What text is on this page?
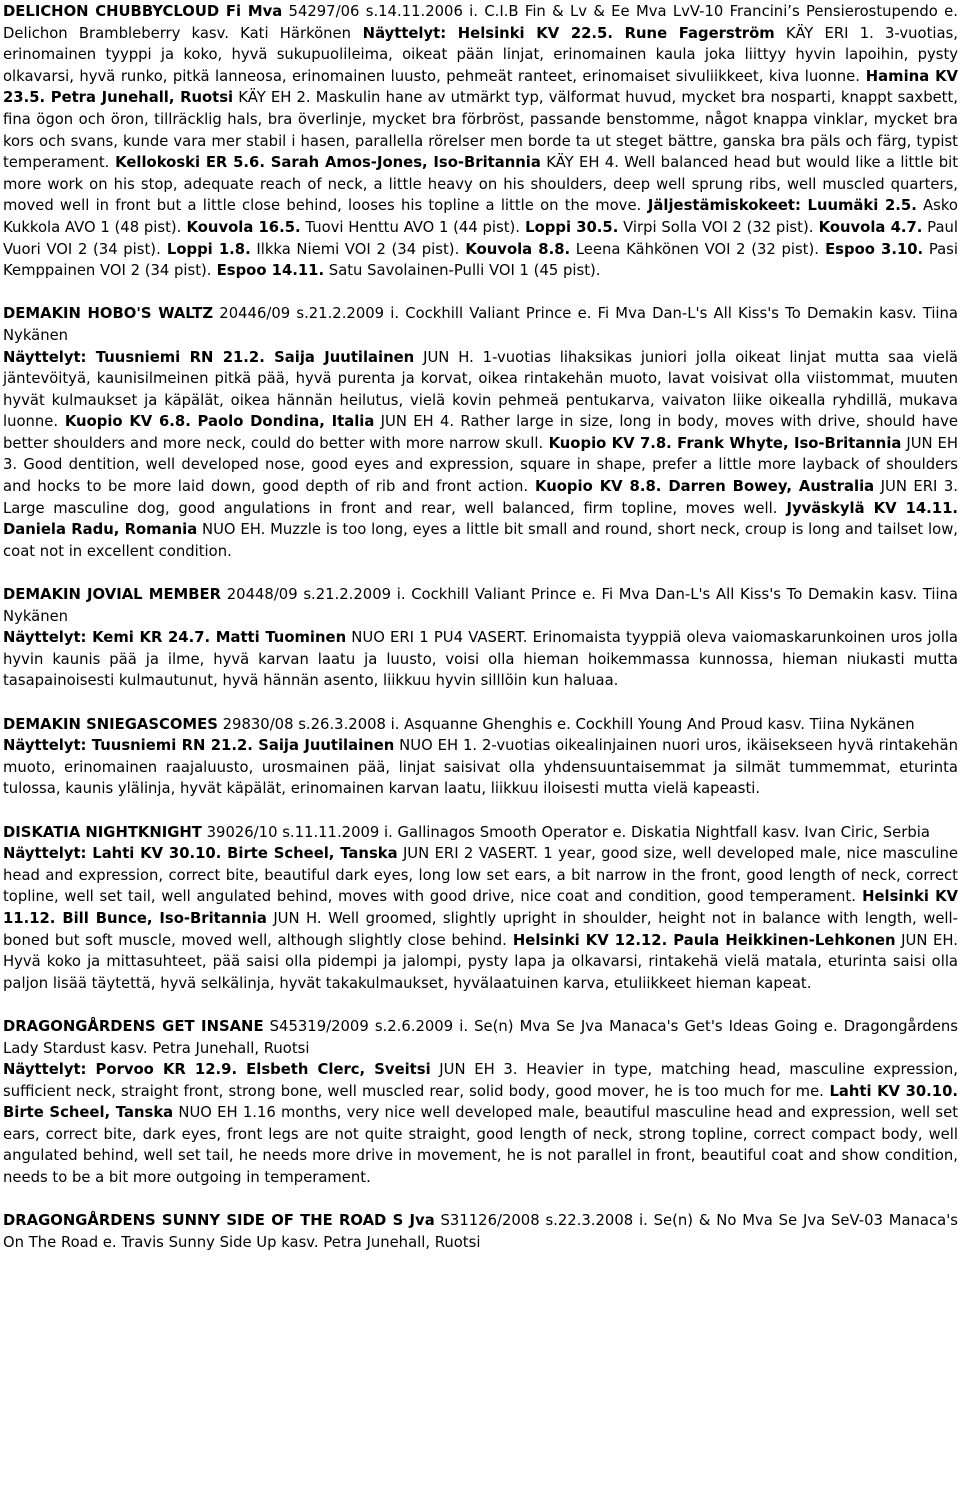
DELICHON CHUBBYCLOUD Fi Mva 54297/06 s.14.11.2006 i. C.I.B Fin & Lv & Ee Mva LvV-10 Francini’s Pensierostupendo e. Delichon Brambleberry kasv. Kati Härkönen Näyttelyt: Helsinki KV 22.5. Rune Fagerström KÄY ERI 1. 3-vuotias, erinomainen tyyppi ja koko, hyvä sukupuolileima, oikeat pään linjat, erinomainen kaula joka liittyy hyvin lapoihin, pysty olkavarsi, hyvä runko, pitkä lanneosa, erinomainen luusto, pehmeät ranteet, erinomaiset sivuliikkeet, kiva luonne. Hamina KV 23.5. Petra Junehall, Ruotsi KÄY EH 2. Maskulin hane av utmärkt typ, välformat huvud, mycket bra nosparti, knappt saxbett, fina ögon och öron, tillräcklig hals, bra överlinje, mycket bra förbröst, passande benstomme, något knappa vinklar, mycket bra kors och svans, kunde vara mer stabil i hasen, parallella rörelser men borde ta ut steget bättre, ganska bra päls och färg, typist temperament. Kellokoski ER 5.6. Sarah Amos-Jones, Iso-Britannia KÄY EH 4. Well balanced head but would like a little bit more work on his stop, adequate reach of neck, a little heavy on his shoulders, deep well sprung ribs, well muscled quarters, moved well in front but a little close behind, looses his topline a little on the move. Jäljestämiskokeet: Luumäki 2.5. Asko Kukkola AVO 1 (48 pist). Kouvola 16.5. Tuovi Henttu AVO 1 (44 pist). Loppi 30.5. Virpi Solla VOI 2 (32 pist). Kouvola 4.7. Paul Vuori VOI 2 (34 pist). Loppi 1.8. Ilkka Niemi VOI 2 (34 pist). Kouvola 8.8. Leena Kähkönen VOI 2 (32 pist). Espoo 3.10. Pasi Kemppainen VOI 2 (34 pist). Espoo 14.11. Satu Savolainen-Pulli VOI 1 (45 pist).

DEMAKIN HOBO'S WALTZ 20446/09 s.21.2.2009 i. Cockhill Valiant Prince e. Fi Mva Dan-L's All Kiss's To Demakin kasv. Tiina Nykänen
Näyttelyt: Tuusniemi RN 21.2. Saija Juutilainen JUN H. 1-vuotias lihaksikas juniori jolla oikeat linjat mutta saa vielä jäntevöityä, kaunisilmeinen pitkä pää, hyvä purenta ja korvat, oikea rintakehän muoto, lavat voisivat olla viistommat, muuten hyvät kulmaukset ja käpälät, oikea hännän heilutus, vielä kovin pehmeä pentukarva, vaivaton liike oikealla ryhdillä, mukava luonne. Kuopio KV 6.8. Paolo Dondina, Italia JUN EH 4. Rather large in size, long in body, moves with drive, should have better shoulders and more neck, could do better with more narrow skull. Kuopio KV 7.8. Frank Whyte, Iso-Britannia JUN EH 3. Good dentition, well developed nose, good eyes and expression, square in shape, prefer a little more layback of shoulders and hocks to be more laid down, good depth of rib and front action. Kuopio KV 8.8. Darren Bowey, Australia JUN ERI 3. Large masculine dog, good angulations in front and rear, well balanced, firm topline, moves well. Jyväskylä KV 14.11. Daniela Radu, Romania NUO EH. Muzzle is too long, eyes a little bit small and round, short neck, croup is long and tailset low, coat not in excellent condition.

DEMAKIN JOVIAL MEMBER 20448/09 s.21.2.2009 i. Cockhill Valiant Prince e. Fi Mva Dan-L's All Kiss's To Demakin kasv. Tiina Nykänen
Näyttelyt: Kemi KR 24.7. Matti Tuominen NUO ERI 1 PU4 VASERT. Erinomaista tyyppiä oleva vaiomaskarunkoinen uros jolla hyvin kaunis pää ja ilme, hyvä karvan laatu ja luusto, voisi olla hieman hoikemmassa kunnossa, hieman niukasti mutta tasapainoisesti kulmautunut, hyvä hännän asento, liikkuu hyvin silllöin kun haluaa.

DEMAKIN SNIEGASCOMES 29830/08 s.26.3.2008 i. Asquanne Ghenghis e. Cockhill Young And Proud kasv. Tiina Nykänen
Näyttelyt: Tuusniemi RN 21.2. Saija Juutilainen NUO EH 1. 2-vuotias oikealinjainen nuori uros, ikäisekseen hyvä rintakehän muoto, erinomainen raajaluusto, urosmainen pää, linjat saisivat olla yhdensuuntaisemmat ja silmät tummemmat, eturinta tulossa, kaunis ylälinja, hyvät käpälät, erinomainen karvan laatu, liikkuu iloisesti mutta vielä kapeasti.

DISKATIA NIGHTKNIGHT 39026/10 s.11.11.2009 i. Gallinagos Smooth Operator e. Diskatia Nightfall kasv. Ivan Ciric, Serbia
Näyttelyt: Lahti KV 30.10. Birte Scheel, Tanska JUN ERI 2 VASERT. 1 year, good size, well developed male, nice masculine head and expression, correct bite, beautiful dark eyes, long low set ears, a bit narrow in the front, good length of neck, correct topline, well set tail, well angulated behind, moves with good drive, nice coat and condition, good temperament. Helsinki KV 11.12. Bill Bunce, Iso-Britannia JUN H. Well groomed, slightly upright in shoulder, height not in balance with length, well-boned but soft muscle, moved well, although slightly close behind. Helsinki KV 12.12. Paula Heikkinen-Lehkonen JUN EH. Hyvä koko ja mittasuhteet, pää saisi olla pidempi ja jalompi, pysty lapa ja olkavarsi, rintakehä vielä matala, eturinta saisi olla paljon lisää täytettä, hyvä selkälinja, hyvät takakulmaukset, hyvälaatuinen karva, etuliikkeet hieman kapeat.

DRAGONGÅRDENS GET INSANE S45319/2009 s.2.6.2009 i. Se(n) Mva Se Jva Manaca's Get's Ideas Going e. Dragongårdens Lady Stardust kasv. Petra Junehall, Ruotsi
Näyttelyt: Porvoo KR 12.9. Elsbeth Clerc, Sveitsi JUN EH 3. Heavier in type, matching head, masculine expression, sufficient neck, straight front, strong bone, well muscled rear, solid body, good mover, he is too much for me. Lahti KV 30.10. Birte Scheel, Tanska NUO EH 1.16 months, very nice well developed male, beautiful masculine head and expression, well set ears, correct bite, dark eyes, front legs are not quite straight, good length of neck, strong topline, correct compact body, well angulated behind, well set tail, he needs more drive in movement, he is not parallel in front, beautiful coat and show condition, needs to be a bit more outgoing in temperament.

DRAGONGÅRDENS SUNNY SIDE OF THE ROAD S Jva S31126/2008 s.22.3.2008 i. Se(n) & No Mva Se Jva SeV-03 Manaca's On The Road e. Travis Sunny Side Up kasv. Petra Junehall, Ruotsi
